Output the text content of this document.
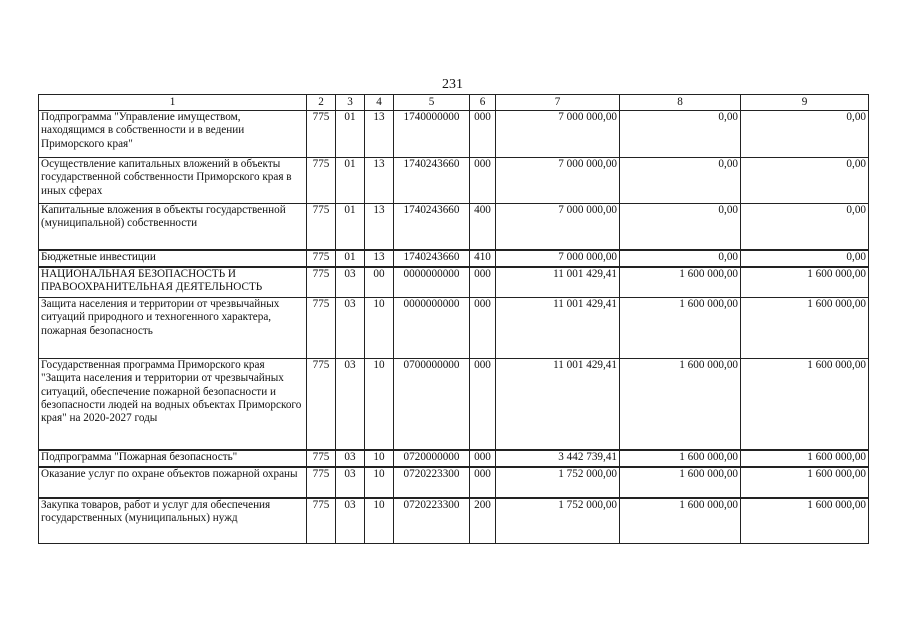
231
1	2	3	4	5	6	7	8	9
Подпрограмма "Управление имуществом, находящимся в собственности и в ведении Приморского края"	775	01	13	1740000000	000	7 000 000,00	0,00	0,00
Осуществление капитальных вложений в объекты государственной собственности Приморского края в иных сферах	775	01	13	1740243660	000	7 000 000,00	0,00	0,00
Капитальные вложения в объекты государственной (муниципальной) собственности	775	01	13	1740243660	400	7 000 000,00	0,00	0,00
Бюджетные инвестиции	775	01	13	1740243660	410	7 000 000,00	0,00	0,00
НАЦИОНАЛЬНАЯ БЕЗОПАСНОСТЬ И ПРАВООХРАНИТЕЛЬНАЯ ДЕЯТЕЛЬНОСТЬ	775	03	00	0000000000	000	11 001 429,41	1 600 000,00	1 600 000,00
Защита населения и территории от чрезвычайных ситуаций природного и техногенного характера, пожарная безопасность	775	03	10	0000000000	000	11 001 429,41	1 600 000,00	1 600 000,00
Государственная программа Приморского края "Защита населения и территории от чрезвычайных ситуаций, обеспечение пожарной безопасности и безопасности людей на водных объектах Приморского края" на 2020-2027 годы	775	03	10	0700000000	000	11 001 429,41	1 600 000,00	1 600 000,00
Подпрограмма "Пожарная безопасность"	775	03	10	0720000000	000	3 442 739,41	1 600 000,00	1 600 000,00
Оказание услуг по охране объектов пожарной охраны	775	03	10	0720223300	000	1 752 000,00	1 600 000,00	1 600 000,00
Закупка товаров, работ и услуг для обеспечения государственных (муниципальных) нужд	775	03	10	0720223300	200	1 752 000,00	1 600 000,00	1 600 000,00
